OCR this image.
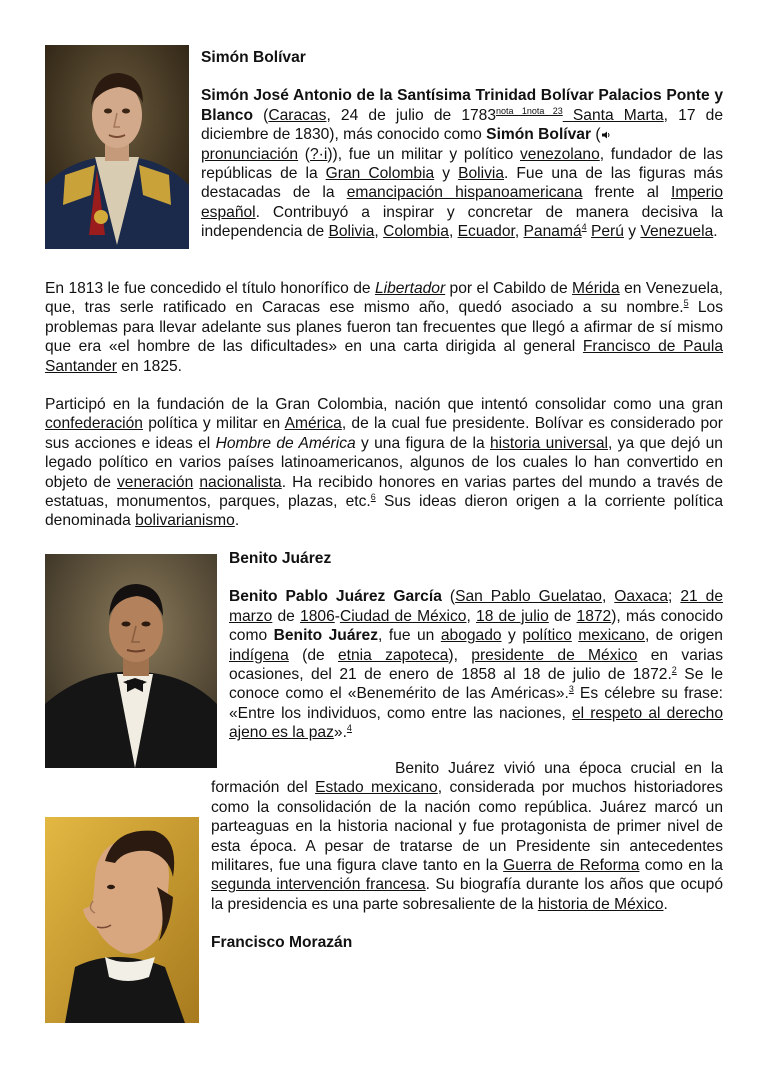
Simón Bolívar

Simón José Antonio de la Santísima Trinidad Bolívar Palacios Ponte y Blanco (Caracas, 24 de julio de $1783^{nota 1nota 23}$ Santa Marta, 17 de diciembre de 1830), más conocido como Simón Bolívar (
pronunciación (?·i)), fue un militar y político venezolano, fundador de las repúblicas de la Gran Colombia y Bolivia. Fue una de las figuras más destacadas de la emancipación hispanoamericana frente al Imperio español. Contribuyó a inspirar y concretar de manera decisiva la independencia de Bolivia, Colombia, Ecuador, Panamá$^4$ Perú y Venezuela.

En 1813 le fue concedido el título honorífico de Libertador por el Cabildo de Mérida en Venezuela, que, tras serle ratificado en Caracas ese mismo año, quedó asociado a su nombre.$^5$ Los problemas para llevar adelante sus planes fueron tan frecuentes que llegó a afirmar de sí mismo que era «el hombre de las dificultades» en una carta dirigida al general Francisco de Paula Santander en 1825.

Participó en la fundación de la Gran Colombia, nación que intentó consolidar como una gran confederación política y militar en América, de la cual fue presidente. Bolívar es considerado por sus acciones e ideas el Hombre de América y una figura de la historia universal, ya que dejó un legado político en varios países latinoamericanos, algunos de los cuales lo han convertido en objeto de veneración nacionalista. Ha recibido honores en varias partes del mundo a través de estatuas, monumentos, parques, plazas, etc.$^6$ Sus ideas dieron origen a la corriente política denominada bolivarianismo.

Benito Juárez

Benito Pablo Juárez García (San Pablo Guelatao, Oaxaca; 21 de marzo de 1806-Ciudad de México, 18 de julio de 1872), más conocido como Benito Juárez, fue un abogado y político mexicano, de origen indígena (de etnia zapoteca), presidente de México en varias ocasiones, del 21 de enero de 1858 al 18 de julio de 1872.$^2$ Se le conoce como el «Benemérito de las Américas».$^3$ Es célebre su frase: «Entre los individuos, como entre las naciones, el respeto al derecho ajeno es la paz».$^4$

Benito Juárez vivió una época crucial en la formación del Estado mexicano, considerada por muchos historiadores como la consolidación de la nación como república. Juárez marcó un parteaguas en la historia nacional y fue protagonista de primer nivel de esta época. A pesar de tratarse de un Presidente sin antecedentes militares, fue una figura clave tanto en la Guerra de Reforma como en la segunda intervención francesa. Su biografía durante los años que ocupó la presidencia es una parte sobresaliente de la historia de México.

Francisco Morazán
